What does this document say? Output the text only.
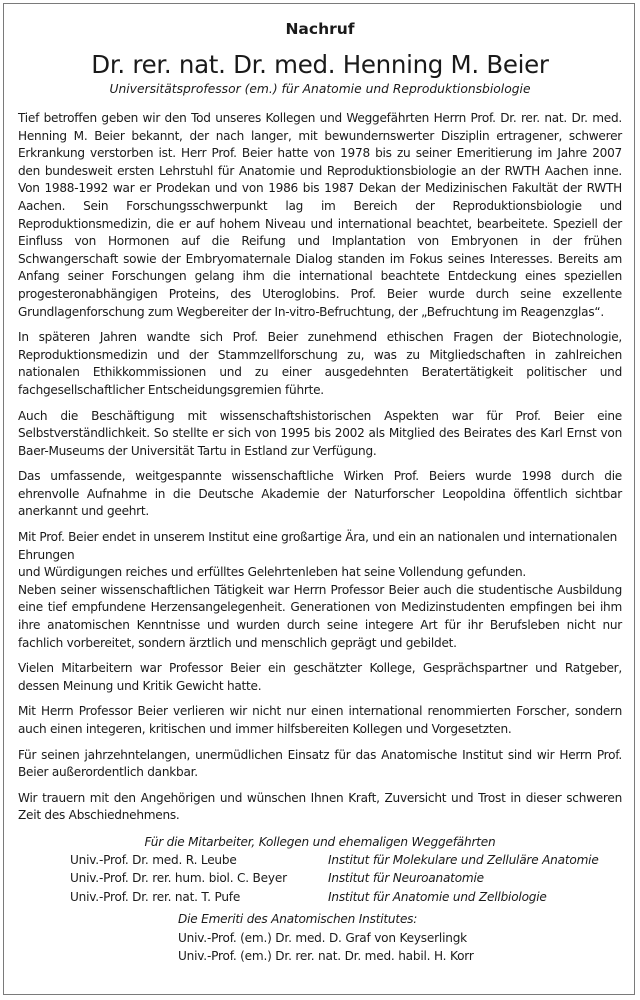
Nachruf
Dr. rer. nat. Dr. med. Henning M. Beier
Universitätsprofessor (em.) für Anatomie und Reproduktionsbiologie

Tief betroffen geben wir den Tod unseres Kollegen und Weggefährten Herrn Prof. Dr. rer. nat. Dr. med. Henning M. Beier bekannt, der nach langer, mit bewundernswerter Disziplin ertragener, schwerer Erkrankung verstorben ist. Herr Prof. Beier hatte von 1978 bis zu seiner Emeritierung im Jahre 2007 den bundesweit ersten Lehrstuhl für Anatomie und Reproduktionsbiologie an der RWTH Aachen inne. Von 1988-1992 war er Prodekan und von 1986 bis 1987 Dekan der Medizinischen Fakultät der RWTH Aachen. Sein Forschungsschwerpunkt lag im Bereich der Reproduktionsbiologie und Reproduktionsmedizin, die er auf hohem Niveau und international beachtet, bearbeitete. Speziell der Einfluss von Hormonen auf die Reifung und Implantation von Embryonen in der frühen Schwangerschaft sowie der Embryomaternale Dialog standen im Fokus seines Interesses. Bereits am Anfang seiner Forschungen gelang ihm die international beachtete Entdeckung eines speziellen progesteronabhängigen Proteins, des Uteroglobins. Prof. Beier wurde durch seine exzellente Grundlagenforschung zum Wegbereiter der In-vitro-Befruchtung, der „Befruchtung im Reagenzglas“.

In späteren Jahren wandte sich Prof. Beier zunehmend ethischen Fragen der Biotechnologie, Reproduktionsmedizin und der Stammzellforschung zu, was zu Mitgliedschaften in zahlreichen nationalen Ethikkommissionen und zu einer ausgedehnten Beratertätigkeit politischer und fachgesellschaftlicher Entscheidungsgremien führte.

Auch die Beschäftigung mit wissenschaftshistorischen Aspekten war für Prof. Beier eine Selbstverständlichkeit. So stellte er sich von 1995 bis 2002 als Mitglied des Beirates des Karl Ernst von Baer-Museums der Universität Tartu in Estland zur Verfügung.

Das umfassende, weitgespannte wissenschaftliche Wirken Prof. Beiers wurde 1998 durch die ehrenvolle Aufnahme in die Deutsche Akademie der Naturforscher Leopoldina öffentlich sichtbar anerkannt und geehrt.

Mit Prof. Beier endet in unserem Institut eine großartige Ära, und ein an nationalen und internationalen Ehrungen

und Würdigungen reiches und erfülltes Gelehrtenleben hat seine Vollendung gefunden.

Neben seiner wissenschaftlichen Tätigkeit war Herrn Professor Beier auch die studentische Ausbildung eine tief empfundene Herzensangelegenheit. Generationen von Medizinstudenten empfingen bei ihm ihre anatomischen Kenntnisse und wurden durch seine integere Art für ihr Berufsleben nicht nur fachlich vorbereitet, sondern ärztlich und menschlich geprägt und gebildet.

Vielen Mitarbeitern war Professor Beier ein geschätzter Kollege, Gesprächspartner und Ratgeber, dessen Meinung und Kritik Gewicht hatte.

Mit Herrn Professor Beier verlieren wir nicht nur einen international renommierten Forscher, sondern auch einen integeren, kritischen und immer hilfsbereiten Kollegen und Vorgesetzten.

Für seinen jahrzehntelangen, unermüdlichen Einsatz für das Anatomische Institut sind wir Herrn Prof. Beier außerordentlich dankbar.

Wir trauern mit den Angehörigen und wünschen Ihnen Kraft, Zuversicht und Trost in dieser schweren Zeit des Abschiednehmens.

Für die Mitarbeiter, Kollegen und ehemaligen Weggefährten
Univ.-Prof. Dr. med. R. Leube	Institut für Molekulare und Zelluläre Anatomie
Univ.-Prof. Dr. rer. hum. biol. C. Beyer	Institut für Neuroanatomie
Univ.-Prof. Dr. rer. nat. T. Pufe	Institut für Anatomie und Zellbiologie
Die Emeriti des Anatomischen Institutes:
Univ.-Prof. (em.) Dr. med. D. Graf von Keyserlingk
Univ.-Prof. (em.) Dr. rer. nat. Dr. med. habil. H. Korr
